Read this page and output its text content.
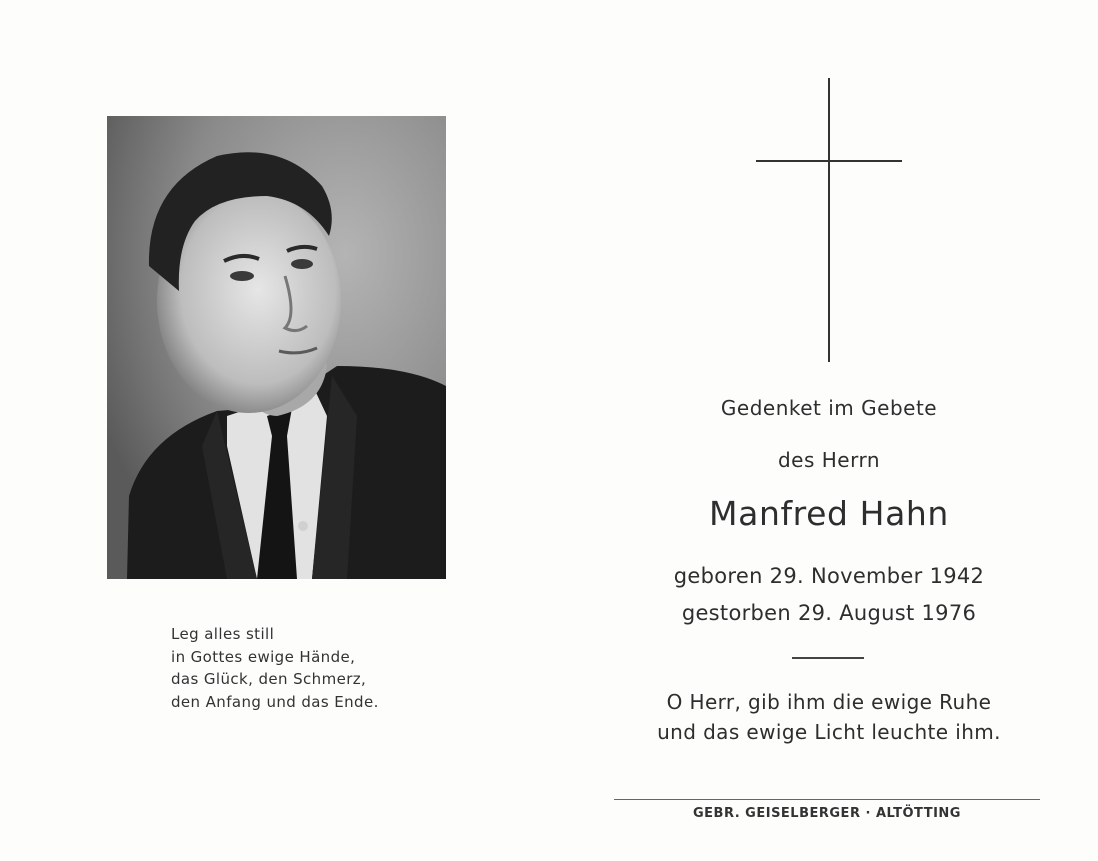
Leg alles still
in Gottes ewige Hände,
das Glück, den Schmerz,
den Anfang und das Ende.
Gedenket im Gebete
des Herrn
Manfred Hahn
geboren 29. November 1942
gestorben 29. August 1976
O Herr, gib ihm die ewige Ruhe
und das ewige Licht leuchte ihm.
GEBR. GEISELBERGER · ALTÖTTING
